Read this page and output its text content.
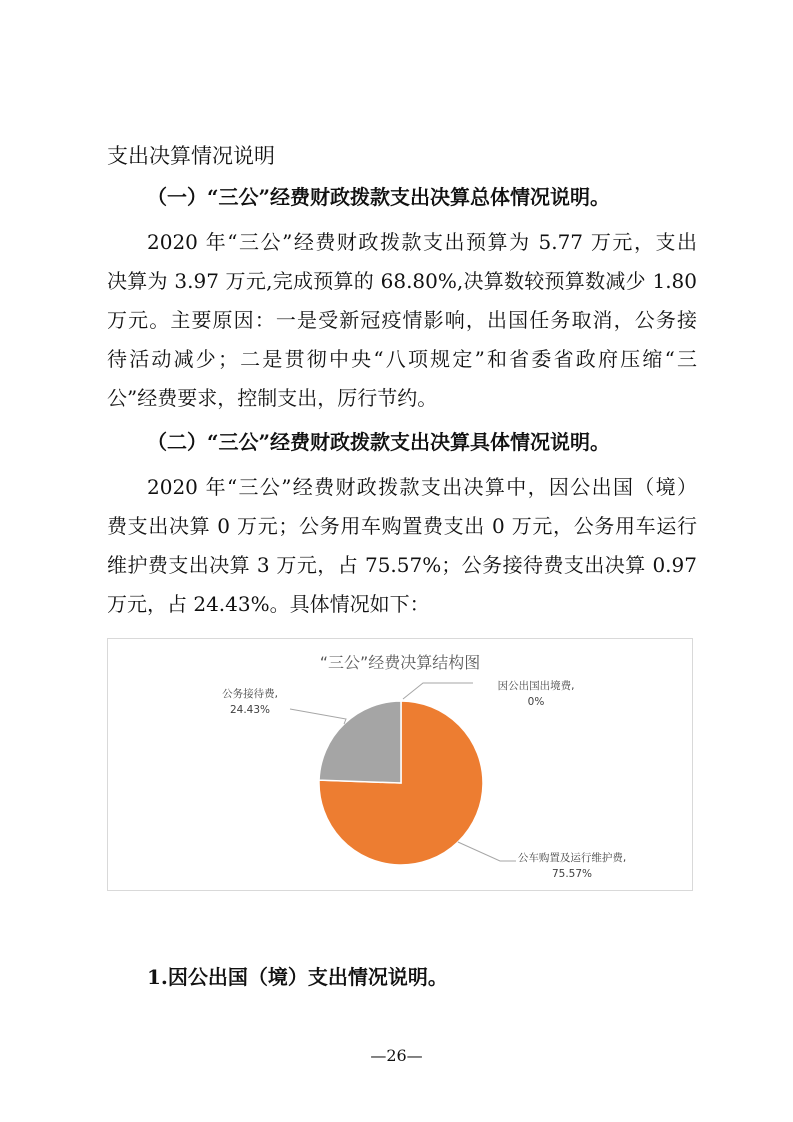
支出决算情况说明
（一）“三公”经费财政拨款支出决算总体情况说明。
2020 年“三公”经费财政拨款支出预算为 5.77 万元，支出
决算为 3.97 万元,完成预算的 68.80%,决算数较预算数减少 1.80
万元。主要原因：一是受新冠疫情影响，出国任务取消，公务接
待活动减少；二是贯彻中央“八项规定”和省委省政府压缩“三
公”经费要求，控制支出，厉行节约。
（二）“三公”经费财政拨款支出决算具体情况说明。
2020 年“三公”经费财政拨款支出决算中，因公出国（境）
费支出决算 0 万元；公务用车购置费支出 0 万元，公务用车运行
维护费支出决算 3 万元，占 75.57%；公务接待费支出决算 0.97
万元，占 24.43%。具体情况如下：
“三公”经费决算结构图
因公出国出境费,
0%
公务接待费,
24.43%
公车购置及运行维护费,
75.57%
1.因公出国（境）支出情况说明。
—26—
